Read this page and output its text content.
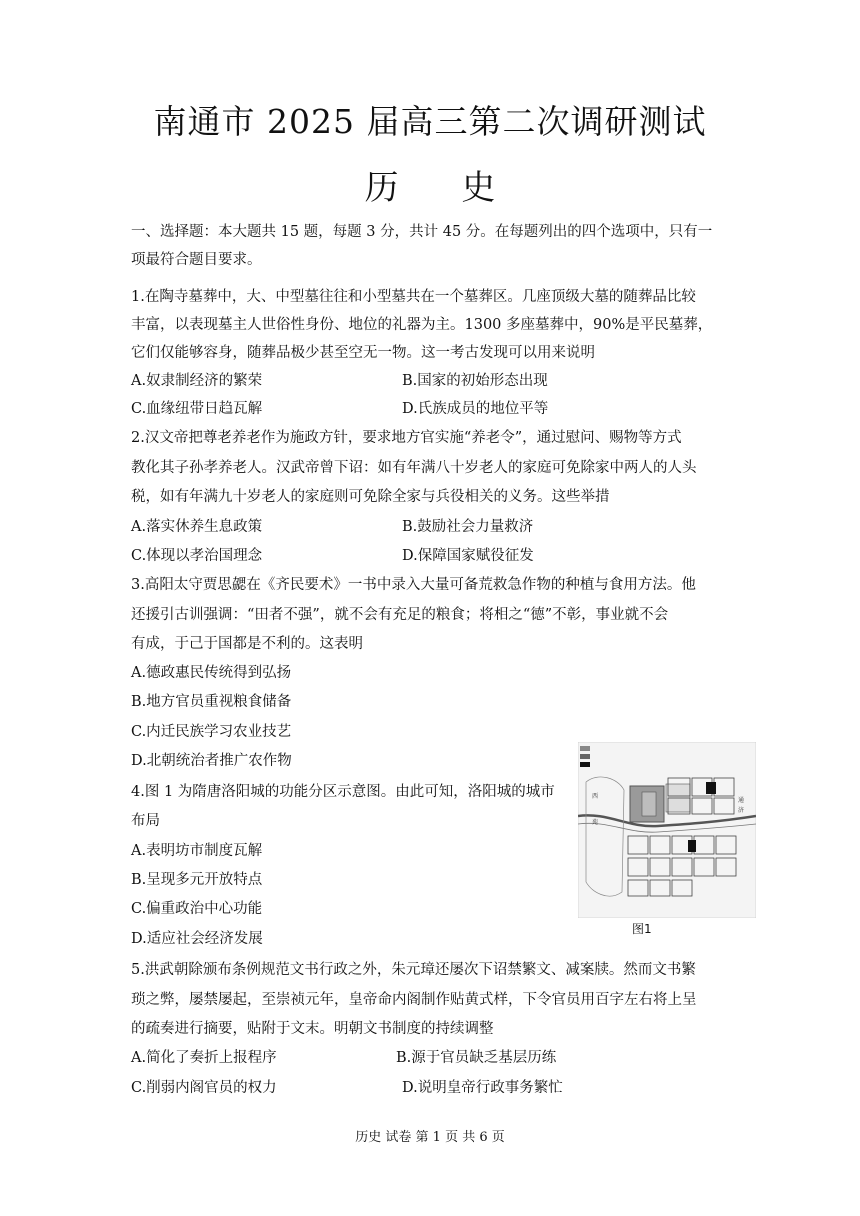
南通市 2025 届高三第二次调研测试
历 史
一、选择题：本大题共 15 题，每题 3 分，共计 45 分。在每题列出的四个选项中，只有一
项最符合题目要求。
1.在陶寺墓葬中，大、中型墓往往和小型墓共在一个墓葬区。几座顶级大墓的随葬品比较
丰富，以表现墓主人世俗性身份、地位的礼器为主。1300 多座墓葬中，90%是平民墓葬，
它们仅能够容身，随葬品极少甚至空无一物。这一考古发现可以用来说明
A.奴隶制经济的繁荣	B.国家的初始形态出现
C.血缘纽带日趋瓦解	D.氏族成员的地位平等
2.汉文帝把尊老养老作为施政方针，要求地方官实施“养老令”，通过慰问、赐物等方式
教化其子孙孝养老人。汉武帝曾下诏：如有年满八十岁老人的家庭可免除家中两人的人头
税，如有年满九十岁老人的家庭则可免除全家与兵役相关的义务。这些举措
A.落实休养生息政策	B.鼓励社会力量救济
C.体现以孝治国理念	D.保障国家赋役征发
3.高阳太守贾思勰在《齐民要术》一书中录入大量可备荒救急作物的种植与食用方法。他
还援引古训强调：“田者不强”，就不会有充足的粮食；将相之“德”不彰，事业就不会
有成，于己于国都是不利的。这表明
A.德政惠民传统得到弘扬
B.地方官员重视粮食储备
C.内迁民族学习农业技艺
D.北朝统治者推广农作物
4.图 1 为隋唐洛阳城的功能分区示意图。由此可知，洛阳城的城市
布局
A.表明坊市制度瓦解
B.呈现多元开放特点
C.偏重政治中心功能
D.适应社会经济发展
西
苑
通
济
图1
5.洪武朝除颁布条例规范文书行政之外，朱元璋还屡次下诏禁繁文、减案牍。然而文书繁
琐之弊，屡禁屡起，至崇祯元年，皇帝命内阁制作贴黄式样，下令官员用百字左右将上呈
的疏奏进行摘要，贴附于文末。明朝文书制度的持续调整
A.简化了奏折上报程序	B.源于官员缺乏基层历练
C.削弱内阁官员的权力	D.说明皇帝行政事务繁忙
历史 试卷 第 1 页 共 6 页
